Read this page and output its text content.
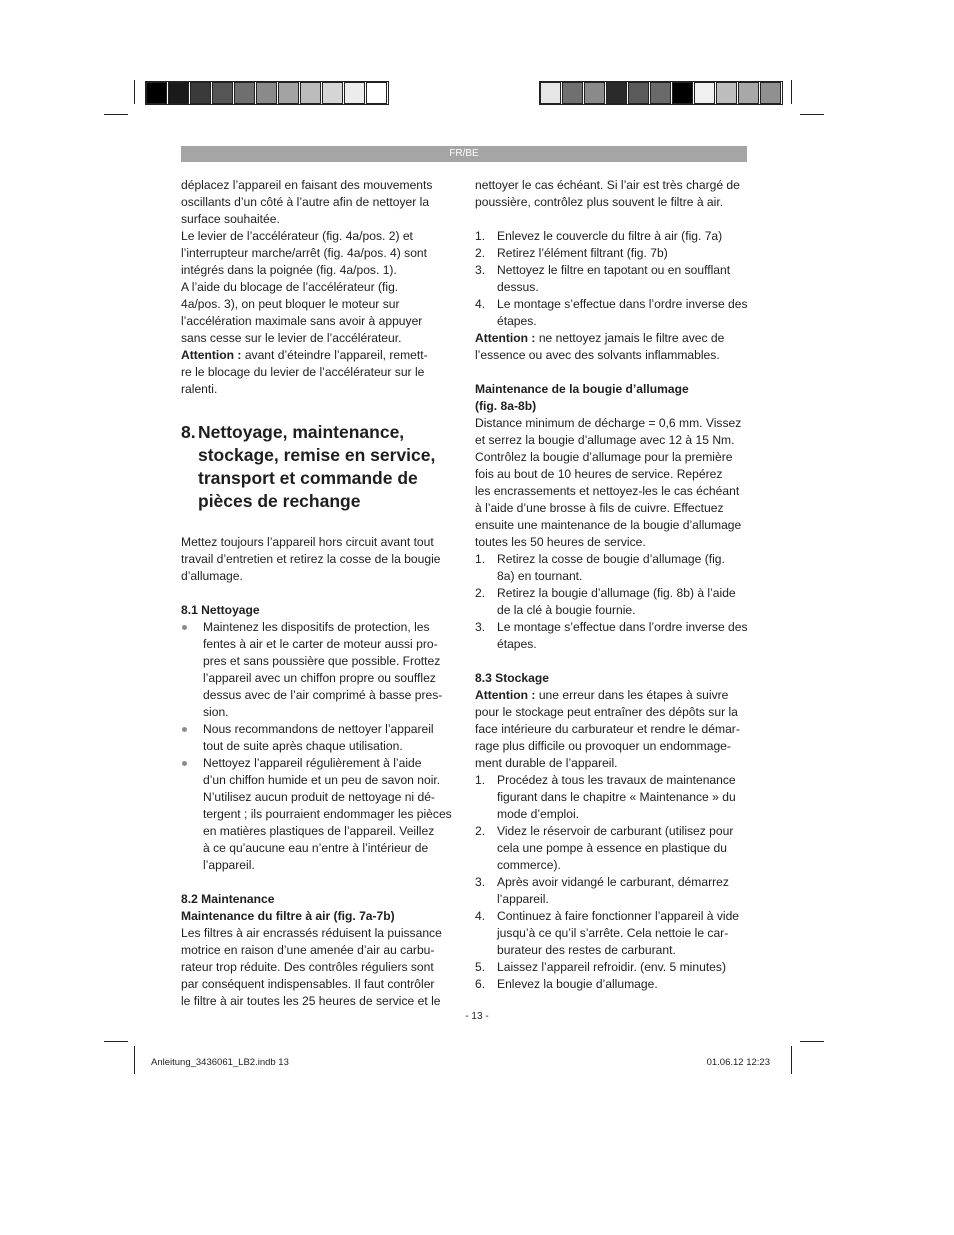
FR/BE

déplacez l’appareil en faisant des mouvements

oscillants d’un côté à l’autre afin de nettoyer la

surface souhaitée.

Le levier de l’accélérateur (fig. 4a/pos. 2) et

l’interrupteur marche/arrêt (fig. 4a/pos. 4) sont

intégrés dans la poignée (fig. 4a/pos. 1).

A l’aide du blocage de l’accélérateur (fig.

4a/pos. 3), on peut bloquer le moteur sur

l’accélération maximale sans avoir à appuyer

sans cesse sur le levier de l’accélérateur.

Attention : avant d’éteindre l’appareil, remett-

re le blocage du levier de l’accélérateur sur le

ralenti.

8. Nettoyage, maintenance,

stockage, remise en service,

transport et commande de

pièces de rechange

Mettez toujours l’appareil hors circuit avant tout

travail d’entretien et retirez la cosse de la bougie

d’allumage.

8.1 Nettoyage

Maintenez les dispositifs de protection, les

fentes à air et le carter de moteur aussi pro-

pres et sans poussière que possible. Frottez

l’appareil avec un chiffon propre ou soufflez

dessus avec de l’air comprimé à basse pres-

sion.

Nous recommandons de nettoyer l’appareil

tout de suite après chaque utilisation.

Nettoyez l’appareil régulièrement à l’aide

d’un chiffon humide et un peu de savon noir.

N’utilisez aucun produit de nettoyage ni dé-

tergent ; ils pourraient endommager les pièces

en matières plastiques de l’appareil. Veillez

à ce qu’aucune eau n’entre à l’intérieur de

l’appareil.

8.2 Maintenance

Maintenance du filtre à air (fig. 7a-7b)

Les filtres à air encrassés réduisent la puissance

motrice en raison d’une amenée d’air au carbu-

rateur trop réduite. Des contrôles réguliers sont

par conséquent indispensables. Il faut contrôler

le filtre à air toutes les 25 heures de service et le

nettoyer le cas échéant. Si l’air est très chargé de

poussière, contrôlez plus souvent le filtre à air.

1. Enlevez le couvercle du filtre à air (fig. 7a)

2. Retirez l’élément filtrant (fig. 7b)

3. Nettoyez le filtre en tapotant ou en soufflant

dessus.

4. Le montage s’effectue dans l’ordre inverse des

étapes.

Attention : ne nettoyez jamais le filtre avec de

l’essence ou avec des solvants inflammables.

Maintenance de la bougie d’allumage

(fig. 8a-8b)

Distance minimum de décharge = 0,6 mm. Vissez

et serrez la bougie d’allumage avec 12 à 15 Nm.

Contrôlez la bougie d’allumage pour la première

fois au bout de 10 heures de service. Repérez

les encrassements et nettoyez-les le cas échéant

à l’aide d’une brosse à fils de cuivre. Effectuez

ensuite une maintenance de la bougie d’allumage

toutes les 50 heures de service.

1. Retirez la cosse de bougie d’allumage (fig.

8a) en tournant.

2. Retirez la bougie d’allumage (fig. 8b) à l’aide

de la clé à bougie fournie.

3. Le montage s’effectue dans l’ordre inverse des

étapes.

8.3 Stockage

Attention : une erreur dans les étapes à suivre

pour le stockage peut entraîner des dépôts sur la

face intérieure du carburateur et rendre le démar-

rage plus difficile ou provoquer un endommage-

ment durable de l’appareil.

1. Procédez à tous les travaux de maintenance

figurant dans le chapitre « Maintenance » du

mode d’emploi.

2. Videz le réservoir de carburant (utilisez pour

cela une pompe à essence en plastique du

commerce).

3. Après avoir vidangé le carburant, démarrez

l’appareil.

4. Continuez à faire fonctionner l’appareil à vide

jusqu’à ce qu’il s’arrête. Cela nettoie le car-

burateur des restes de carburant.

5. Laissez l’appareil refroidir. (env. 5 minutes)

6. Enlevez la bougie d’allumage.

- 13 -
Anleitung_3436061_LB2.indb 13	01.06.12 12:23
